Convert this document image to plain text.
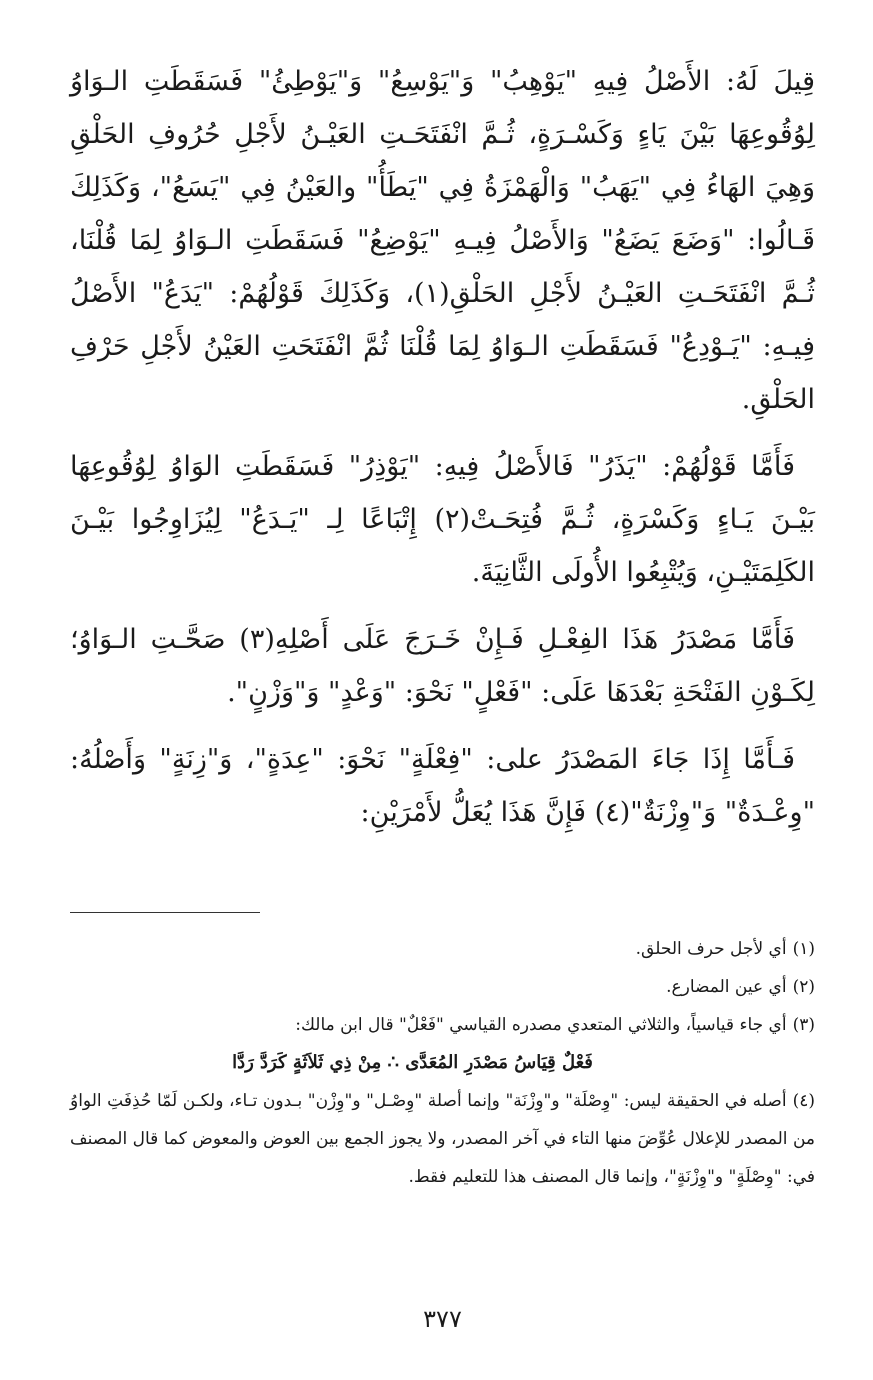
قِيلَ لَهُ: الأَصْلُ فِيهِ "يَوْهِبُ" وَ"يَوْسِعُ" وَ"يَوْطِئُ" فَسَقَطَتِ الـوَاوُ لِوُقُوعِهَا بَيْنَ يَاءٍ وَكَسْـرَةٍ، ثُـمَّ انْفَتَحَـتِ العَيْـنُ لأَجْلِ حُرُوفِ الحَلْقِ وَهِيَ الهَاءُ فِي "يَهَبُ" وَالْهَمْزَةُ فِي "يَطَأُ" والعَيْنُ فِي "يَسَعُ"، وَكَذَلِكَ قَـالُوا: "وَضَعَ يَضَعُ" وَالأَصْلُ فِيـهِ "يَوْضِعُ" فَسَقَطَتِ الـوَاوُ لِمَا قُلْنَا، ثُـمَّ انْفَتَحَـتِ العَيْـنُ لأَجْلِ الحَلْقِ(١)، وَكَذَلِكَ قَوْلُهُمْ: "يَدَعُ" الأَصْلُ فِيـهِ: "يَـوْدِعُ" فَسَقَطَتِ الـوَاوُ لِمَا قُلْنَا ثُمَّ انْفَتَحَتِ العَيْنُ لأَجْلِ حَرْفِ الحَلْقِ.

فَأَمَّا قَوْلُهُمْ: "يَذَرُ" فَالأَصْلُ فِيهِ: "يَوْذِرُ" فَسَقَطَتِ الوَاوُ لِوُقُوعِهَا بَيْـنَ يَـاءٍ وَكَسْرَةٍ، ثُـمَّ فُتِحَـتْ(٢) إِتْبَاعًا لِـ "يَـدَعُ" لِيُزَاوِجُوا بَيْـنَ الكَلِمَتَيْـنِ، وَيُتْبِعُوا الأُولَى الثَّانِيَةَ.

فَأَمَّا مَصْدَرُ هَذَا الفِعْـلِ فَـإِنْ خَـرَجَ عَلَى أَصْلِهِ(٣) صَحَّـتِ الـوَاوُ؛ لِكَـوْنِ الفَتْحَةِ بَعْدَهَا عَلَى: "فَعْلٍ" نَحْوَ: "وَعْدٍ" وَ"وَزْنٍ".

فَـأَمَّا إِذَا جَاءَ المَصْدَرُ على: "فِعْلَةٍ" نَحْوَ: "عِدَةٍ"، وَ"زِنَةٍ" وَأَصْلُهُ: "وِعْـدَةٌ" وَ"وِزْنَةٌ"(٤) فَإِنَّ هَذَا يُعَلُّ لأَمْرَيْنِ:

(١)أي لأجل حرف الحلق.

(٢)أي عين المضارع.

(٣)أي جاء قياسياً، والثلاثي المتعدي مصدره القياسي "فَعْلٌ" قال ابن مالك:

فَعْلٌ قِيَاسُ مَصْدَرِ المُعَدَّى ∴ مِنْ ذِي ثَلاَثَةٍ كَرَدَّ رَدَّا

(٤)أصله في الحقيقة ليس: "وِصْلَة" و"وِزْنَة" وإنما أصلة "وِصْـل" و"وِزْن" بـدون تـاء، ولكـن لَمّا حُذِفَتِ الواوُ من المصدر للإعلال عُوِّضَ منها التاء في آخر المصدر، ولا يجوز الجمع بين العوض والمعوض كما قال المصنف في: "وِصْلَةٍ" و"وِزْنَةٍ"، وإنما قال المصنف هذا للتعليم فقط.

٣٧٧
